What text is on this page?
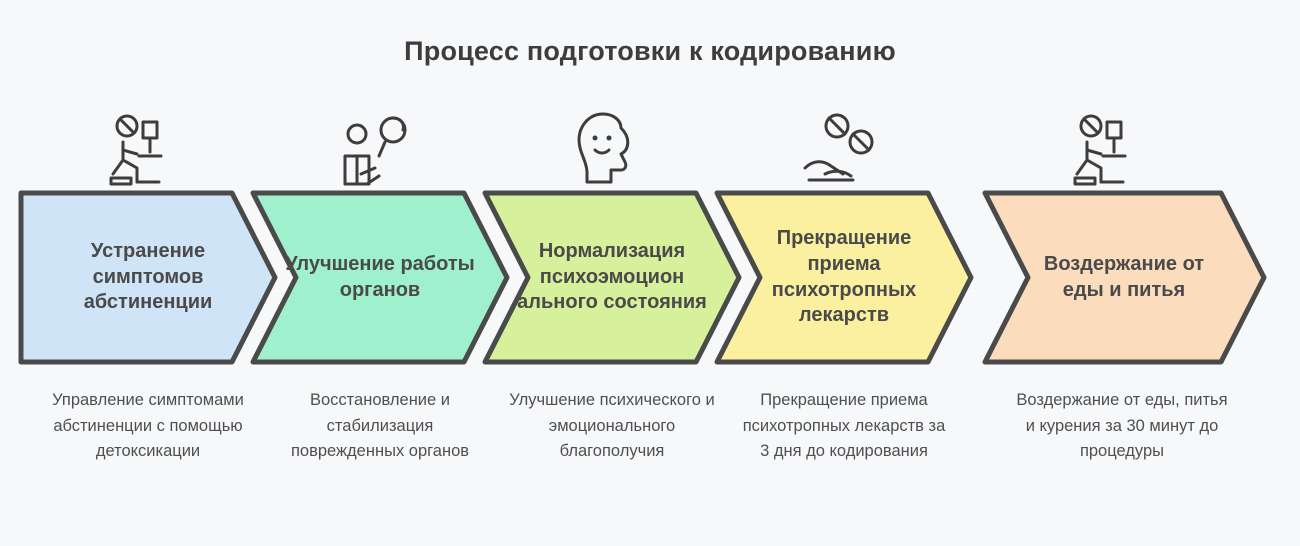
Процесс подготовки к кодированию
Устранение симптомов абстиненции
Управление симптомами абстиненции с помощью детоксикации
Улучшение работы органов
Восстановление и стабилизация поврежденных органов
Нормализация психоэмоцион ального состояния
Улучшение психического и эмоционального благополучия
Прекращение приема психотропных лекарств
Прекращение приема психотропных лекарств за 3 дня до кодирования
Воздержание от еды и питья
Воздержание от еды, питья и курения за 30 минут до процедуры
